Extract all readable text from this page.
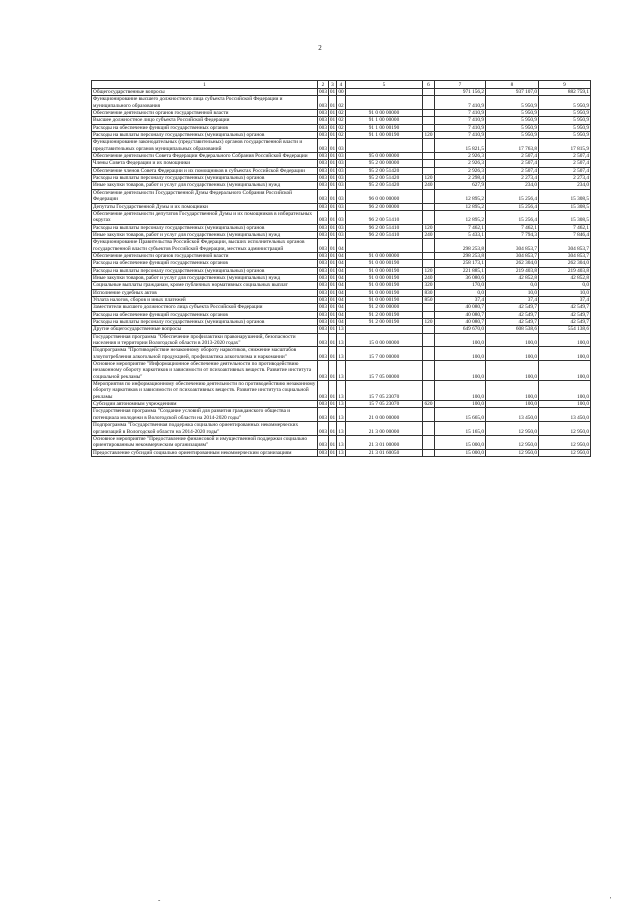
2
1	2	3	4	5	6	7	8	9
Общегосударственные вопросы	003	01	00			971 156,2	937 107,0	882 759,1
Функционирование высшего должностного лица субъекта Российской Федерации и муниципального образования	003	01	02			7 410,9	5 950,9	5 950,9
Обеспечение деятельности органов государственной власти	003	01	02	91 0 00 00000		7 410,9	5 950,9	5 950,9
Высшее должностное лицо субъекта Российской Федерации	003	01	02	91 1 00 00000		7 410,9	5 950,9	5 950,9
Расходы на обеспечение функций государственных органов	003	01	02	91 1 00 00190		7 410,9	5 950,9	5 950,9
Расходы на выплаты персоналу государственных (муниципальных) органов	003	01	02	91 1 00 00190	120	7 410,9	5 950,9	5 950,9
Функционирование законодательных (представительных) органов государственной власти и представительных органов муниципальных образований	003	01	03			15 821,5	17 763,8	17 815,9
Обеспечение деятельности Совета Федерации Федерального Собрания Российской Федерации	003	01	03	95 0 00 00000		2 926,3	2 507,4	2 507,4
Члены Совета Федерации и их помощники	003	01	03	95 2 00 00000		2 926,3	2 507,4	2 507,4
Обеспечение членов Совета Федерации и их помощников в субъектах Российской Федерации	003	01	03	95 2 00 51420		2 926,3	2 507,4	2 507,4
Расходы на выплаты персоналу государственных (муниципальных) органов	003	01	03	95 2 00 51420	120	2 298,4	2 273,4	2 273,4
Иные закупки товаров, работ и услуг для государственных (муниципальных) нужд	003	01	03	95 2 00 51420	240	627,9	234,0	234,0
Обеспечение деятельности Государственной Думы Федерального Собрания Российской Федерации	003	01	03	96 0 00 00000		12 895,2	15 256,4	15 308,5
Депутаты Государственной Думы и их помощники	003	01	03	96 2 00 00000		12 895,2	15 256,4	15 308,5
Обеспечение деятельности депутатов Государственной Думы и их помощников в избирательных округах	003	01	03	96 2 00 51410		12 895,2	15 256,4	15 308,5
Расходы на выплаты персоналу государственных (муниципальных) органов	003	01	03	96 2 00 51410	120	7 462,1	7 462,1	7 462,1
Иные закупки товаров, работ и услуг для государственных (муниципальных) нужд	003	01	03	96 2 00 51410	240	5 433,1	7 794,3	7 846,4
Функционирование Правительства Российской Федерации, высших исполнительных органов государственной власти субъектов Российской Федерации, местных администраций	003	01	04			298 253,8	304 853,7	304 853,7
Обеспечение деятельности органов государственной власти	003	01	04	91 0 00 00000		298 253,8	304 853,7	304 853,7
Расходы на обеспечение функций государственных органов	003	01	04	91 0 00 00190		258 173,1	262 304,0	262 304,0
Расходы на выплаты персоналу государственных (муниципальных) органов	003	01	04	91 0 00 00190	120	221 885,1	219 403,8	219 403,8
Иные закупки товаров, работ и услуг для государственных (муниципальных) нужд	003	01	04	91 0 00 00190	240	36 080,6	42 852,8	42 852,8
Социальные выплаты гражданам, кроме публичных нормативных социальных выплат	003	01	04	91 0 00 00190	320	170,0	0,0	0,0
Исполнение судебных актов	003	01	04	91 0 00 00190	830	0,0	10,0	10,0
Уплата налогов, сборов и иных платежей	003	01	04	91 0 00 00190	850	37,4	37,4	37,4
Заместители высшего должностного лица субъекта Российской Федерации	003	01	04	91 2 00 00000		40 080,7	42 549,7	42 549,7
Расходы на обеспечение функций государственных органов	003	01	04	91 2 00 00190		40 080,7	42 549,7	42 549,7
Расходы на выплаты персоналу государственных (муниципальных) органов	003	01	04	91 2 00 00190	120	40 080,7	42 549,7	42 549,7
Другие общегосударственные вопросы	003	01	13			649 670,0	608 538,6	554 138,6
Государственная программа "Обеспечение профилактики правонарушений, безопасности населения и территории Вологодской области в 2013-2020 годах"	003	01	13	15 0 00 00000		100,0	100,0	100,0
Подпрограмма "Противодействие незаконному обороту наркотиков, снижение масштабов злоупотребления алкогольной продукцией, профилактика алкоголизма и наркомании"	003	01	13	15 7 00 00000		100,0	100,0	100,0
Основное мероприятие "Информационное обеспечение деятельности по противодействию незаконному обороту наркотиков и зависимости от психоактивных веществ. Развитие института социальной рекламы"	003	01	13	15 7 05 00000		100,0	100,0	100,0
Мероприятия по информационному обеспечению деятельности по противодействию незаконному обороту наркотиков и зависимости от психоактивных веществ. Развитие института социальной рекламы	003	01	13	15 7 05 23070		100,0	100,0	100,0
Субсидии автономным учреждениям	003	01	13	15 7 05 23070	620	100,0	100,0	100,0
Государственная программа "Создание условий для развития гражданского общества и потенциала молодежи в Вологодской области на 2014-2020 годы"	003	01	13	21 0 00 00000		15 665,0	13 450,0	13 450,0
Подпрограмма "Государственная поддержка социально ориентированных некоммерческих организаций в Вологодской области на 2014-2020 годы"	003	01	13	21 3 00 00000		15 165,0	12 950,0	12 950,0
Основное мероприятие "Предоставление финансовой и имущественной поддержки социально ориентированным некоммерческим организациям"	003	01	13	21 3 01 00000		15 000,0	12 950,0	12 950,0
Предоставление субсидий социально ориентированным некоммерческим организациям	003	01	13	21 3 01 60050		15 000,0	12 950,0	12 950,0
-	'
